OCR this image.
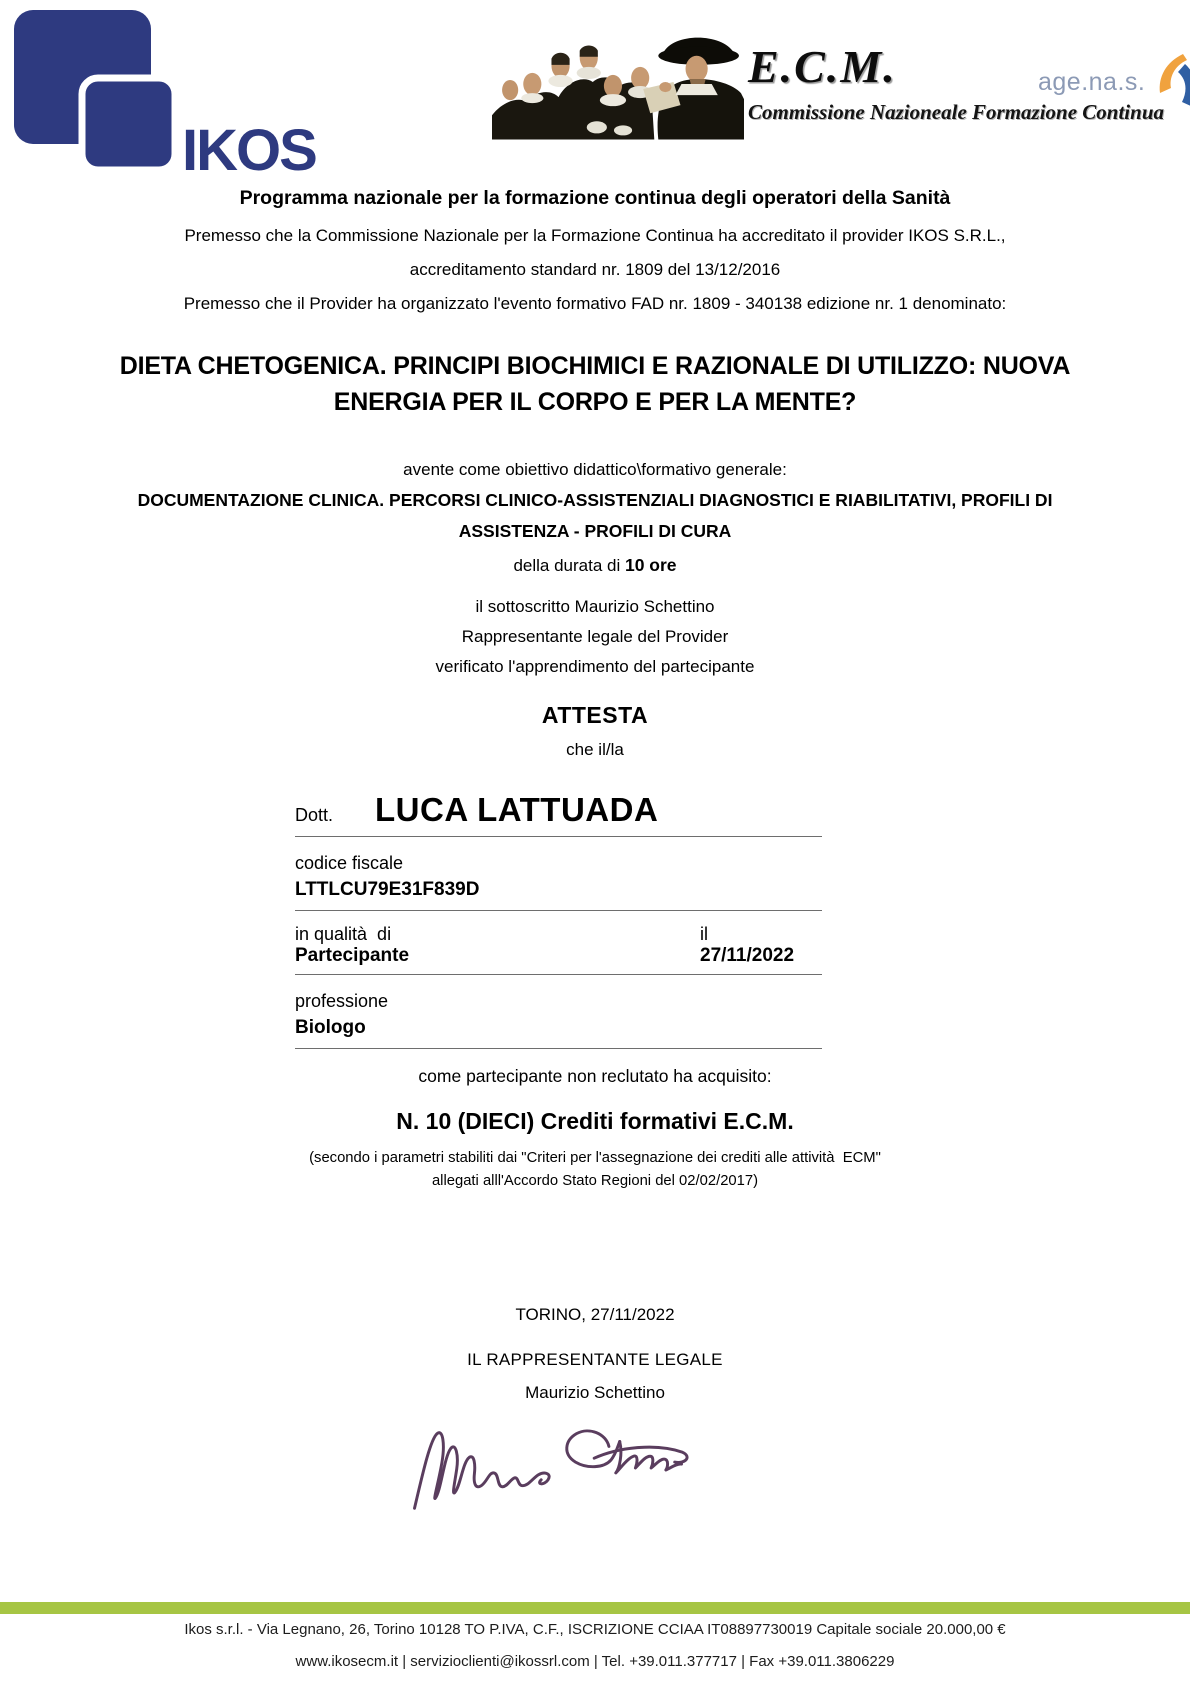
IKOS
E.C.M.
Commissione Nazioneale Formazione Continua
age.na.s.
Programma nazionale per la formazione continua degli operatori della Sanità
Premesso che la Commissione Nazionale per la Formazione Continua ha accreditato il provider IKOS S.R.L.,
accreditamento standard nr. 1809 del 13/12/2016
Premesso che il Provider ha organizzato l'evento formativo FAD nr. 1809 - 340138 edizione nr. 1 denominato:
DIETA CHETOGENICA. PRINCIPI BIOCHIMICI E RAZIONALE DI UTILIZZO: NUOVA ENERGIA PER IL CORPO E PER LA MENTE?
avente come obiettivo didattico\formativo generale:
DOCUMENTAZIONE CLINICA. PERCORSI CLINICO-ASSISTENZIALI DIAGNOSTICI E RIABILITATIVI, PROFILI DI ASSISTENZA - PROFILI DI CURA
della durata di 10 ore
il sottoscritto Maurizio Schettino
Rappresentante legale del Provider
verificato l'apprendimento del partecipante
ATTESTA
che il/la
Dott. LUCA LATTUADA
codice fiscale
LTTLCU79E31F839D
in qualità  di
Partecipante
il
27/11/2022
professione
Biologo
come partecipante non reclutato ha acquisito:
N. 10 (DIECI) Crediti formativi E.C.M.
(secondo i parametri stabiliti dai "Criteri per l'assegnazione dei crediti alle attività  ECM"
allegati alll'Accordo Stato Regioni del 02/02/2017)
TORINO, 27/11/2022
IL RAPPRESENTANTE LEGALE
Maurizio Schettino
Ikos s.r.l. - Via Legnano, 26, Torino 10128 TO P.IVA, C.F., ISCRIZIONE CCIAA IT08897730019 Capitale sociale 20.000,00 €
www.ikosecm.it | servizioclienti@ikossrl.com | Tel. +39.011.377717 | Fax +39.011.3806229
